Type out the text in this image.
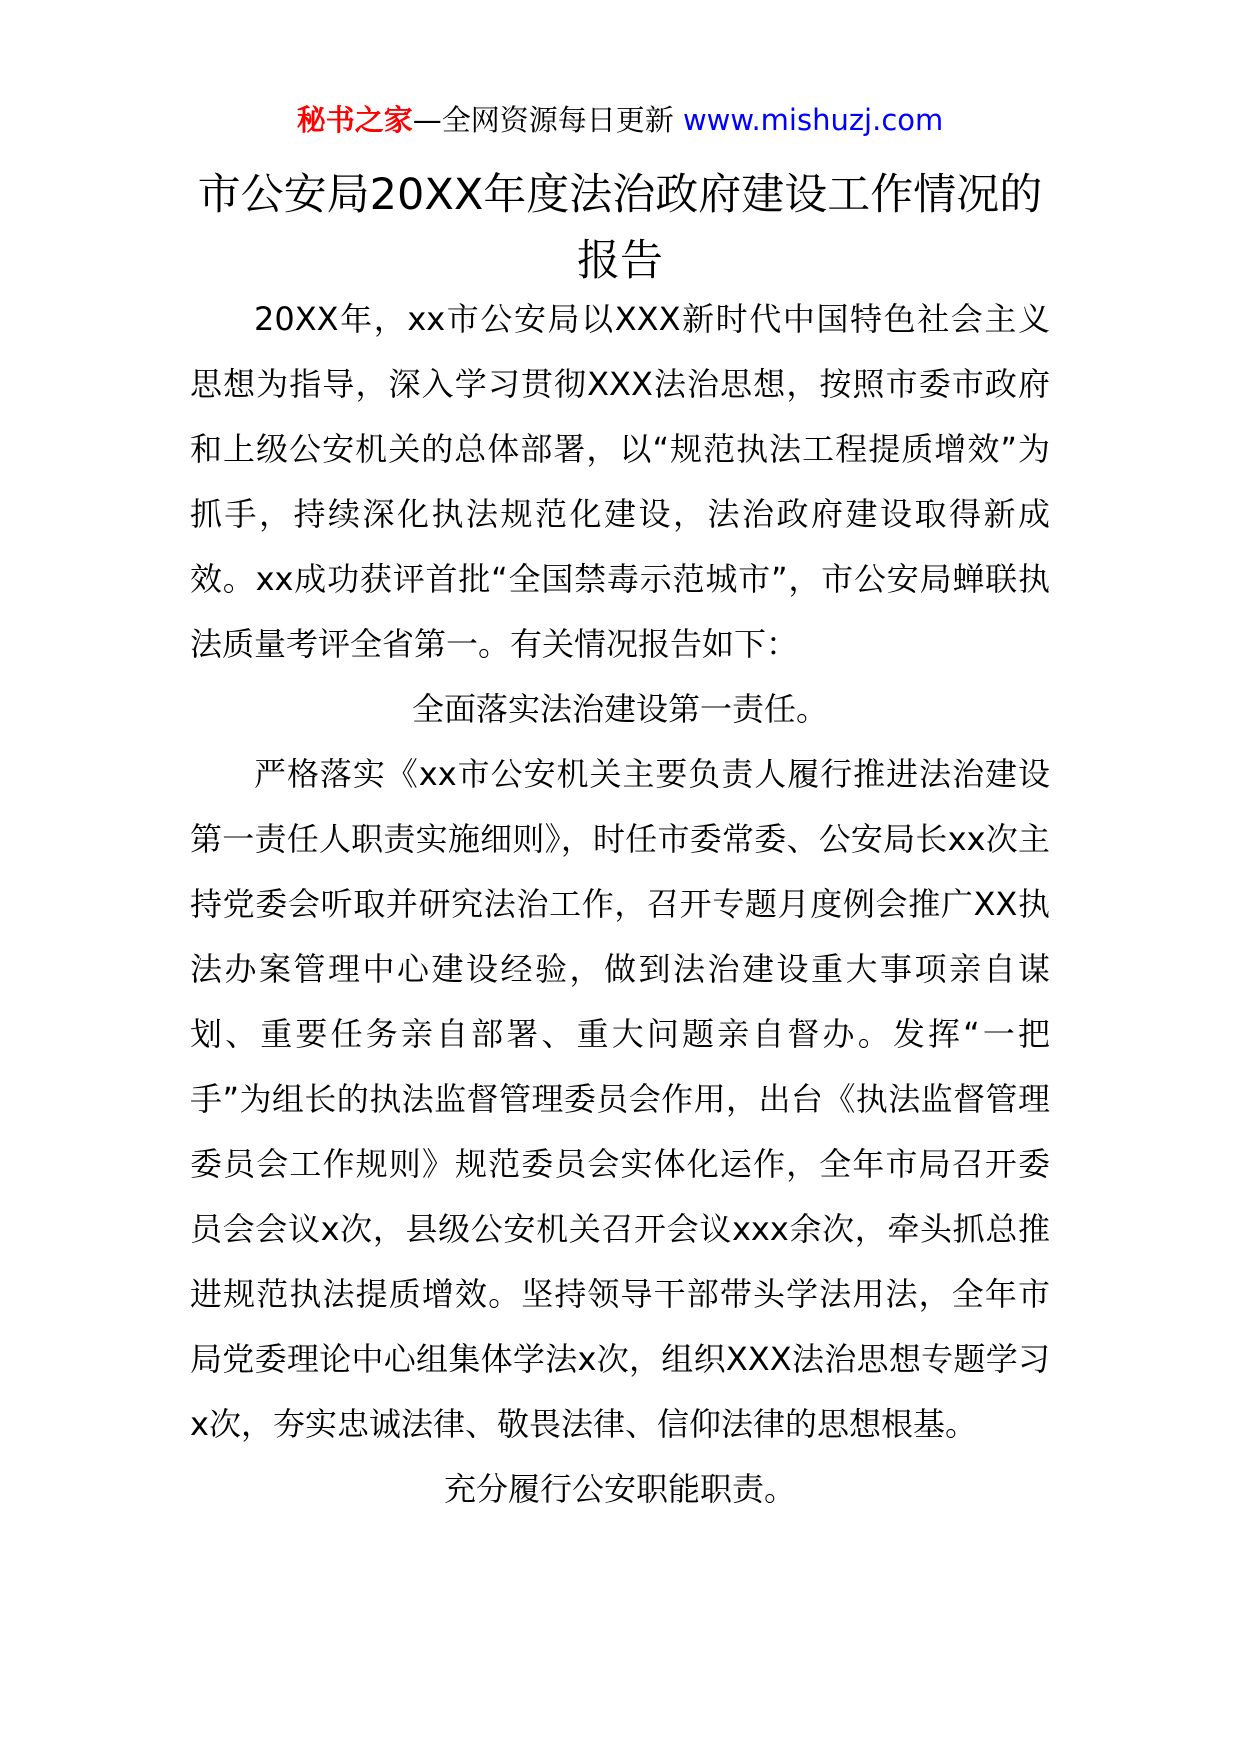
秘书之家—全网资源每日更新 www.mishuzj.com
市公安局20XX年度法治政府建设工作情况的报告

20XX年，xx市公安局以XXX新时代中国特色社会主义思想为指导，深入学习贯彻XXX法治思想，按照市委市政府和上级公安机关的总体部署，以“规范执法工程提质增效”为抓手，持续深化执法规范化建设，法治政府建设取得新成效。xx成功获评首批“全国禁毒示范城市”，市公安局蝉联执法质量考评全省第一。有关情况报告如下：

全面落实法治建设第一责任。

严格落实《xx市公安机关主要负责人履行推进法治建设第一责任人职责实施细则》，时任市委常委、公安局长xx次主持党委会听取并研究法治工作，召开专题月度例会推广XX执法办案管理中心建设经验，做到法治建设重大事项亲自谋划、重要任务亲自部署、重大问题亲自督办。发挥“一把手”为组长的执法监督管理委员会作用，出台《执法监督管理委员会工作规则》规范委员会实体化运作，全年市局召开委员会会议x次，县级公安机关召开会议xxx余次，牵头抓总推进规范执法提质增效。坚持领导干部带头学法用法，全年市局党委理论中心组集体学法x次，组织XXX法治思想专题学习x次，夯实忠诚法律、敬畏法律、信仰法律的思想根基。

充分履行公安职能职责。
